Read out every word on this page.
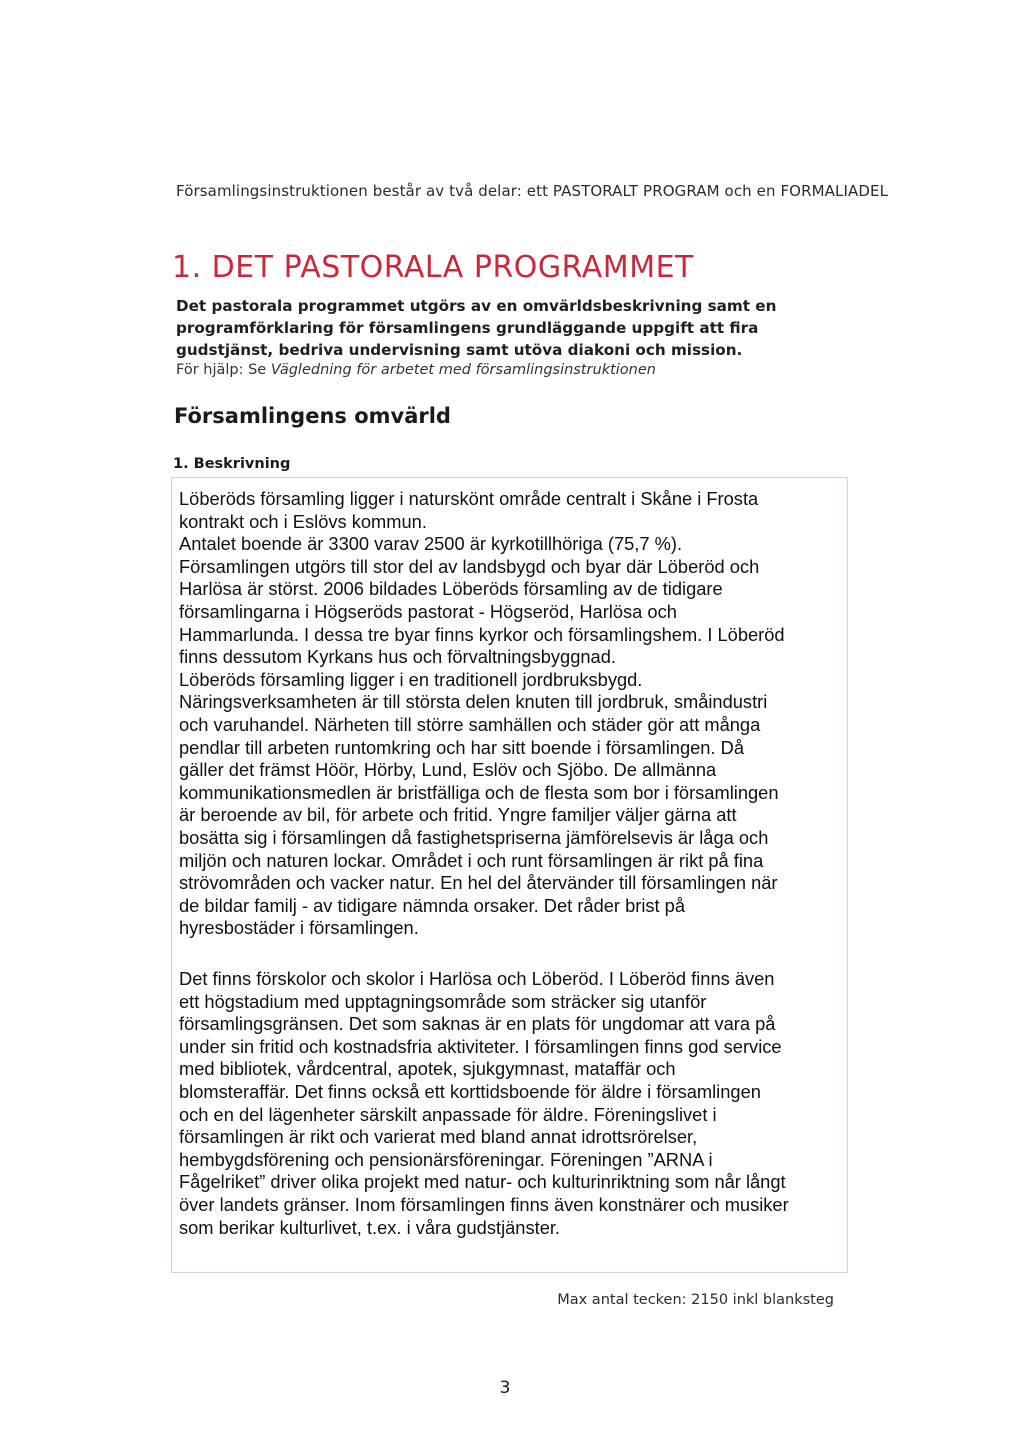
Församlingsinstruktionen består av två delar: ett PASTORALT PROGRAM och en FORMALIADEL
1. DET PASTORALA PROGRAMMET
Det pastorala programmet utgörs av en omvärldsbeskrivning samt en programförklaring för församlingens grundläggande uppgift att fira gudstjänst, bedriva undervisning samt utöva diakoni och mission.
För hjälp: Se Vägledning för arbetet med församlingsinstruktionen
Församlingens omvärld
1. Beskrivning

Löberöds församling ligger i naturskönt område centralt i Skåne i Frosta
kontrakt och i Eslövs kommun.
Antalet boende är 3300 varav 2500 är kyrkotillhöriga (75,7 %).
Församlingen utgörs till stor del av landsbygd och byar där Löberöd och
Harlösa är störst. 2006 bildades Löberöds församling av de tidigare
församlingarna i Högseröds pastorat - Högseröd, Harlösa och
Hammarlunda. I dessa tre byar finns kyrkor och församlingshem. I Löberöd
finns dessutom Kyrkans hus och förvaltningsbyggnad.
Löberöds församling ligger i en traditionell jordbruksbygd.
Näringsverksamheten är till största delen knuten till jordbruk, småindustri
och varuhandel. Närheten till större samhällen och städer gör att många
pendlar till arbeten runtomkring och har sitt boende i församlingen. Då
gäller det främst Höör, Hörby, Lund, Eslöv och Sjöbo. De allmänna
kommunikationsmedlen är bristfälliga och de flesta som bor i församlingen
är beroende av bil, för arbete och fritid. Yngre familjer väljer gärna att
bosätta sig i församlingen då fastighetspriserna jämförelsevis är låga och
miljön och naturen lockar. Området i och runt församlingen är rikt på fina
strövområden och vacker natur. En hel del återvänder till församlingen när
de bildar familj - av tidigare nämnda orsaker. Det råder brist på
hyresbostäder i församlingen.

Det finns förskolor och skolor i Harlösa och Löberöd. I Löberöd finns även
ett högstadium med upptagningsområde som sträcker sig utanför
församlingsgränsen. Det som saknas är en plats för ungdomar att vara på
under sin fritid och kostnadsfria aktiviteter. I församlingen finns god service
med bibliotek, vårdcentral, apotek, sjukgymnast, mataffär och
blomsteraffär. Det finns också ett korttidsboende för äldre i församlingen
och en del lägenheter särskilt anpassade för äldre. Föreningslivet i
församlingen är rikt och varierat med bland annat idrottsrörelser,
hembygdsförening och pensionärsföreningar. Föreningen ”ARNA i
Fågelriket” driver olika projekt med natur- och kulturinriktning som når långt
över landets gränser. Inom församlingen finns även konstnärer och musiker
som berikar kulturlivet, t.ex. i våra gudstjänster.

Max antal tecken: 2150 inkl blanksteg
3
